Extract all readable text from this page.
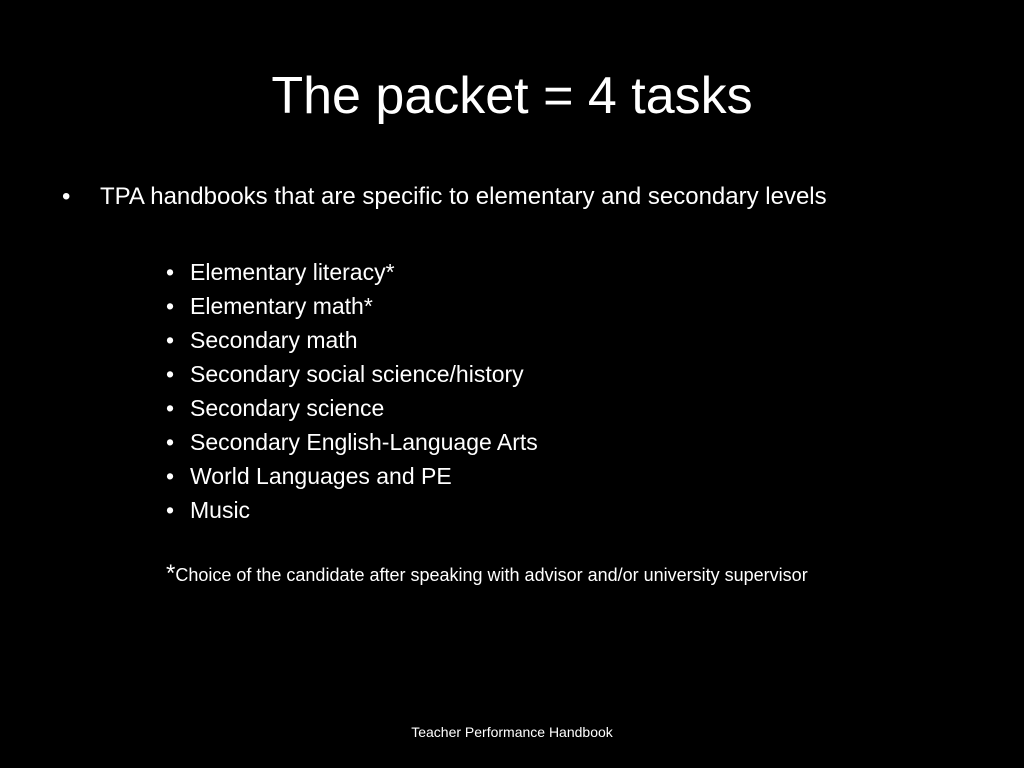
The packet = 4 tasks
• TPA handbooks that are specific to elementary and secondary levels
• Elementary literacy*
• Elementary math*
• Secondary math
• Secondary social science/history
• Secondary science
• Secondary English-Language Arts
• World Languages and PE
• Music
*Choice of the candidate after speaking with advisor and/or university supervisor
Teacher Performance Handbook
